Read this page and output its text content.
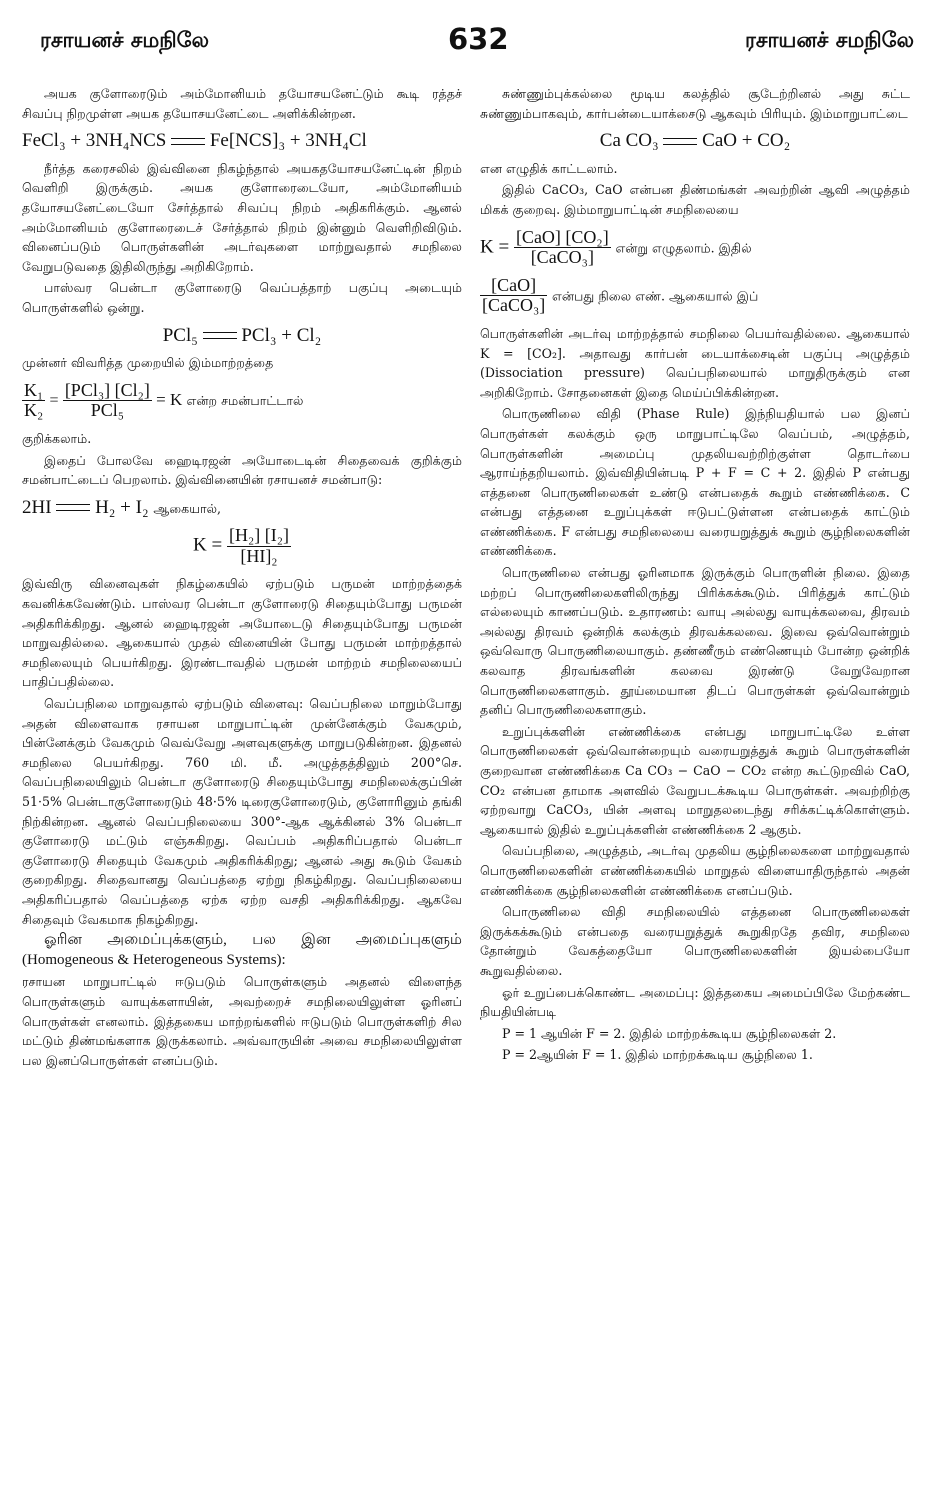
ரசாயனச் சமநிலே	632	ரசாயனச் சமநிலே

அயக குளோரைடும் அம்மோனியம் தயோசயனேட்டும் கூடி ரத்தச் சிவப்பு நிறமுள்ள அயக தயோசயனேட்டை அளிக்கின்றன.

FeCl₃ + 3NH₄NCS Fe[NCS]₃ + 3NH₄Cl

நீர்த்த கரைசலில் இவ்வினை நிகழ்ந்தால் அயகதயோசயனேட்டின் நிறம் வெளிறி இருக்கும். அயக குளோரைடையோ, அம்மோனியம் தயோசயனேட்டையோ சேர்த்தால் சிவப்பு நிறம் அதிகரிக்கும். ஆனல் அம்மோனியம் குளோரைடைச் சேர்த்தால் நிறம் இன்னும் வெளிறிவிடும். வினைப்படும் பொருள்களின் அடர்வுகளை மாற்றுவதால் சமநிலை வேறுபடுவதை இதிலிருந்து அறிகிறோம்.

பாஸ்வர பென்டா குளோரைடு வெப்பத்தாற் பகுப்பு அடையும் பொருள்களில் ஒன்று.

PCl₅ PCl₃ + Cl₂

முன்னர் விவரித்த முறையில் இம்மாற்றத்தை

$\frac{\text{K₁}}{\text{K₂}} = \frac{\text{[PCl₃] [Cl₂]}}{\text{PCl₅}} = K$ என்ற சமன்பாட்டால்

குறிக்கலாம்.

இதைப் போலவே ஹைடிரஜன் அயோடைடின் சிதைவைக் குறிக்கும் சமன்பாட்டைப் பெறலாம். இவ்வினையின் ரசாயனச் சமன்பாடு:

2HI H₂ + I₂ ஆகையால்,
$K = \frac{\text{[H₂] [I₂]}}{\text{[HI]₂}}$

இவ்விரு வினைவுகள் நிகழ்கையில் ஏற்படும் பருமன் மாற்றத்தைக் கவனிக்கவேண்டும். பாஸ்வர பென்டா குளோரைடு சிதையும்போது பருமன் அதிகரிக்கிறது. ஆனல் ஹைடிரஜன் அயோடைடு சிதையும்போது பருமன் மாறுவதில்லை. ஆகையால் முதல் வினையின் போது பருமன் மாற்றத்தால் சமநிலையும் பெயர்கிறது. இரண்டாவதில் பருமன் மாற்றம் சமநிலையைப் பாதிப்பதில்லை.

வெப்பநிலை மாறுவதால் ஏற்படும் விளைவு: வெப்பநிலை மாறும்போது அதன் விளைவாக ரசாயன மாறுபாட்டின் முன்னேக்கும் வேகமும், பின்னேக்கும் வேகமும் வெவ்வேறு அளவுகளுக்கு மாறுபடுகின்றன. இதனல் சமநிலை பெயர்கிறது. 760 மி. மீ. அழுத்தத்திலும் 200°செ. வெப்பநிலையிலும் பென்டா குளோரைடு சிதையும்போது சமநிலைக்குப்பின் 51·5% பென்டாகுளோரைடும் 48·5% டிரைகுளோரைடும், குளோரினும் தங்கி நிற்கின்றன. ஆனல் வெப்பநிலையை 300°-ஆக ஆக்கினல் 3% பென்டா குளோரைடு மட்டும் எஞ்சுகிறது. வெப்பம் அதிகரிப்பதால் பென்டா குளோரைடு சிதையும் வேகமும் அதிகரிக்கிறது; ஆனல் அது கூடும் வேகம் குறைகிறது. சிதைவானது வெப்பத்தை ஏற்று நிகழ்கிறது. வெப்பநிலையை அதிகரிப்பதால் வெப்பத்தை ஏற்க ஏற்ற வசதி அதிகரிக்கிறது. ஆகவே சிதைவும் வேகமாக நிகழ்கிறது.

ஓரின அமைப்புக்களும், பல இன அமைப்புகளும் (Homogeneous & Heterogeneous Systems):

ரசாயன மாறுபாட்டில் ஈடுபடும் பொருள்களும் அதனல் விளைந்த பொருள்களும் வாயுக்களாயின், அவற்றைச் சமநிலையிலுள்ள ஓரினப் பொருள்கள் எனலாம். இத்தகைய மாற்றங்களில் ஈடுபடும் பொருள்களிற் சில மட்டும் திண்மங்களாக இருக்கலாம். அவ்வாருயின் அவை சமநிலையிலுள்ள பல இனப்பொருள்கள் எனப்படும்.

சுண்ணும்புக்கல்லை மூடிய கலத்தில் சூடேற்றினல் அது சுட்ட சுண்ணும்பாகவும், கார்பன்டையாக்சைடு ஆகவும் பிரியும். இம்மாறுபாட்டை

Ca CO₃ CaO + CO₂

என எழுதிக் காட்டலாம்.

இதில் CaCO₃, CaO என்பன திண்மங்கள் அவற்றின் ஆவி அழுத்தம் மிகக் குறைவு. இம்மாறுபாட்டின் சமநிலையை

$K = \frac{\text{[CaO] [CO₂]}}{\text{[CaCO₃]}}$ என்று எழுதலாம். இதில்
$\frac{\text{[CaO]}}{\text{[CaCO₃]}}$ என்பது நிலை எண். ஆகையால் இப்

பொருள்களின் அடர்வு மாற்றத்தால் சமநிலை பெயர்வதில்லை. ஆகையால் K = [CO₂]. அதாவது கார்பன் டையாக்சைடின் பகுப்பு அழுத்தம் (Dissociation pressure) வெப்பநிலையால் மாறுதிருக்கும் என அறிகிறோம். சோதனைகள் இதை மெய்ப்பிக்கின்றன.

பொருணிலை விதி (Phase Rule) இந்நியதியால் பல இனப் பொருள்கள் கலக்கும் ஒரு மாறுபாட்டிலே வெப்பம், அழுத்தம், பொருள்களின் அமைப்பு முதலியவற்றிற்குள்ள தொடர்பை ஆராய்ந்தறியலாம். இவ்விதியின்படி P + F = C + 2. இதில் P என்பது எத்தனை பொருணிலைகள் உண்டு என்பதைக் கூறும் எண்ணிக்கை. C என்பது எத்தனை உறுப்புக்கள் ஈடுபட்டுள்ளன என்பதைக் காட்டும் எண்ணிக்கை. F என்பது சமநிலையை வரையறுத்துக் கூறும் சூழ்நிலைகளின் எண்ணிக்கை.

பொருணிலை என்பது ஓரினமாக இருக்கும் பொருளின் நிலை. இதை மற்றப் பொருணிலைகளிலிருந்து பிரிக்கக்கூடும். பிரித்துக் காட்டும் எல்லையும் காணப்படும். உதாரணம்: வாயு அல்லது வாயுக்கலவை, திரவம் அல்லது திரவம் ஒன்றிக் கலக்கும் திரவக்கலவை. இவை ஒவ்வொன்றும் ஒவ்வொரு பொருணிலையாகும். தண்ணீரும் எண்ணெயும் போன்ற ஒன்றிக் கலவாத திரவங்களின் கலவை இரண்டு வேறுவேறான பொருணிலைகளாகும். தூய்மையான திடப் பொருள்கள் ஒவ்வொன்றும் தனிப் பொருணிலைகளாகும்.

உறுப்புக்களின் எண்ணிக்கை என்பது மாறுபாட்டிலே உள்ள பொருணிலைகள் ஒவ்வொன்றையும் வரையறுத்துக் கூறும் பொருள்களின் குறைவான எண்ணிக்கை Ca CO₃ − CaO − CO₂ என்ற கூட்டுறவில் CaO, CO₂ என்பன தாமாக அளவில் வேறுபடக்கூடிய பொருள்கள். அவற்றிற்கு ஏற்றவாறு CaCO₃, யின் அளவு மாறுதலடைந்து சரிக்கட்டிக்கொள்ளும். ஆகையால் இதில் உறுப்புக்களின் எண்ணிக்கை 2 ஆகும்.

வெப்பநிலை, அழுத்தம், அடர்வு முதலிய சூழ்நிலைகளை மாற்றுவதால் பொருணிலைகளின் எண்ணிக்கையில் மாறுதல் விளையாதிருந்தால் அதன் எண்ணிக்கை சூழ்நிலைகளின் எண்ணிக்கை எனப்படும்.

பொருணிலை விதி சமநிலையில் எத்தனை பொருணிலைகள் இருக்கக்கூடும் என்பதை வரையறுத்துக் கூறுகிறதே தவிர, சமநிலை தோன்றும் வேகத்தையோ பொருணிலைகளின் இயல்பையோ கூறுவதில்லை.

ஓர் உறுப்பைக்கொண்ட அமைப்பு: இத்தகைய அமைப்பிலே மேற்கண்ட நியதியின்படி

P = 1 ஆயின் F = 2. இதில் மாற்றக்கூடிய சூழ்நிலைகள் 2.

P = 2ஆயின் F = 1. இதில் மாற்றக்கூடிய சூழ்நிலை 1.
